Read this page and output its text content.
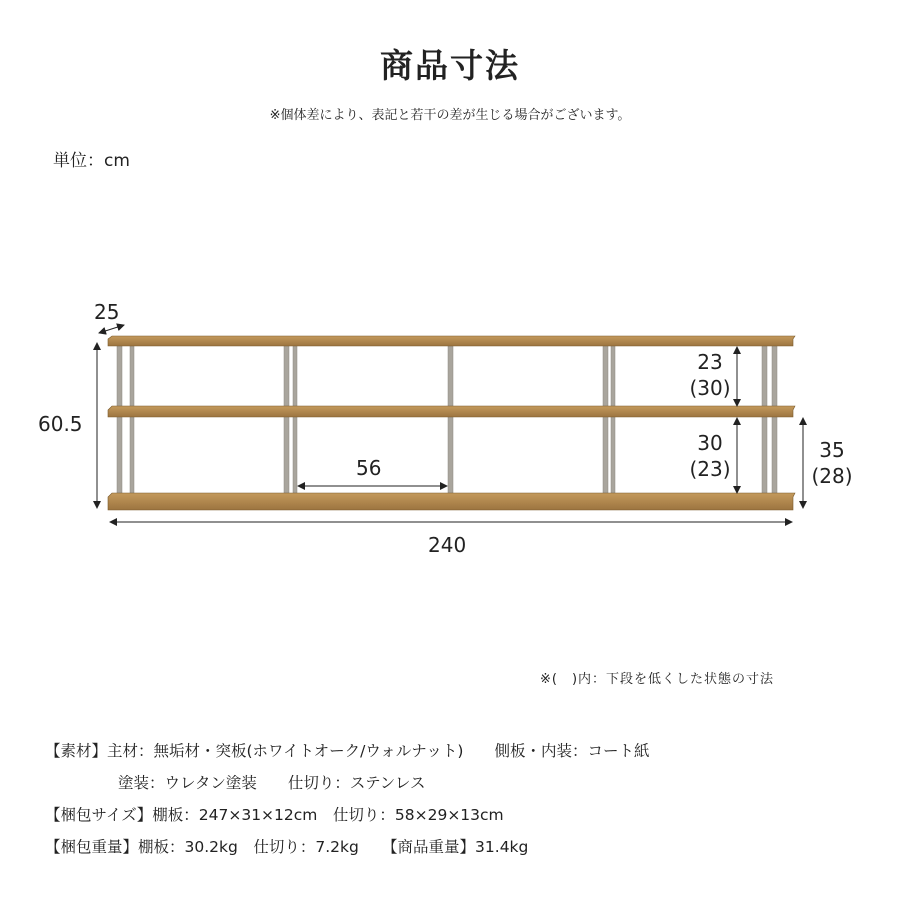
商品寸法
※個体差により、表記と若干の差が生じる場合がございます。
単位：cm
25
60.5
240
56
23
(30)
30
(23)
35
(28)
※(　)内：下段を低くした状態の寸法
【素材】主材：無垢材・突板(ホワイトオーク/ウォルナット)　　側板・内装：コート紙
塗装：ウレタン塗装　　仕切り：ステンレス
【梱包サイズ】棚板：247×31×12cm　仕切り：58×29×13cm
【梱包重量】棚板：30.2kg　仕切り：7.2kg　　【商品重量】31.4kg
